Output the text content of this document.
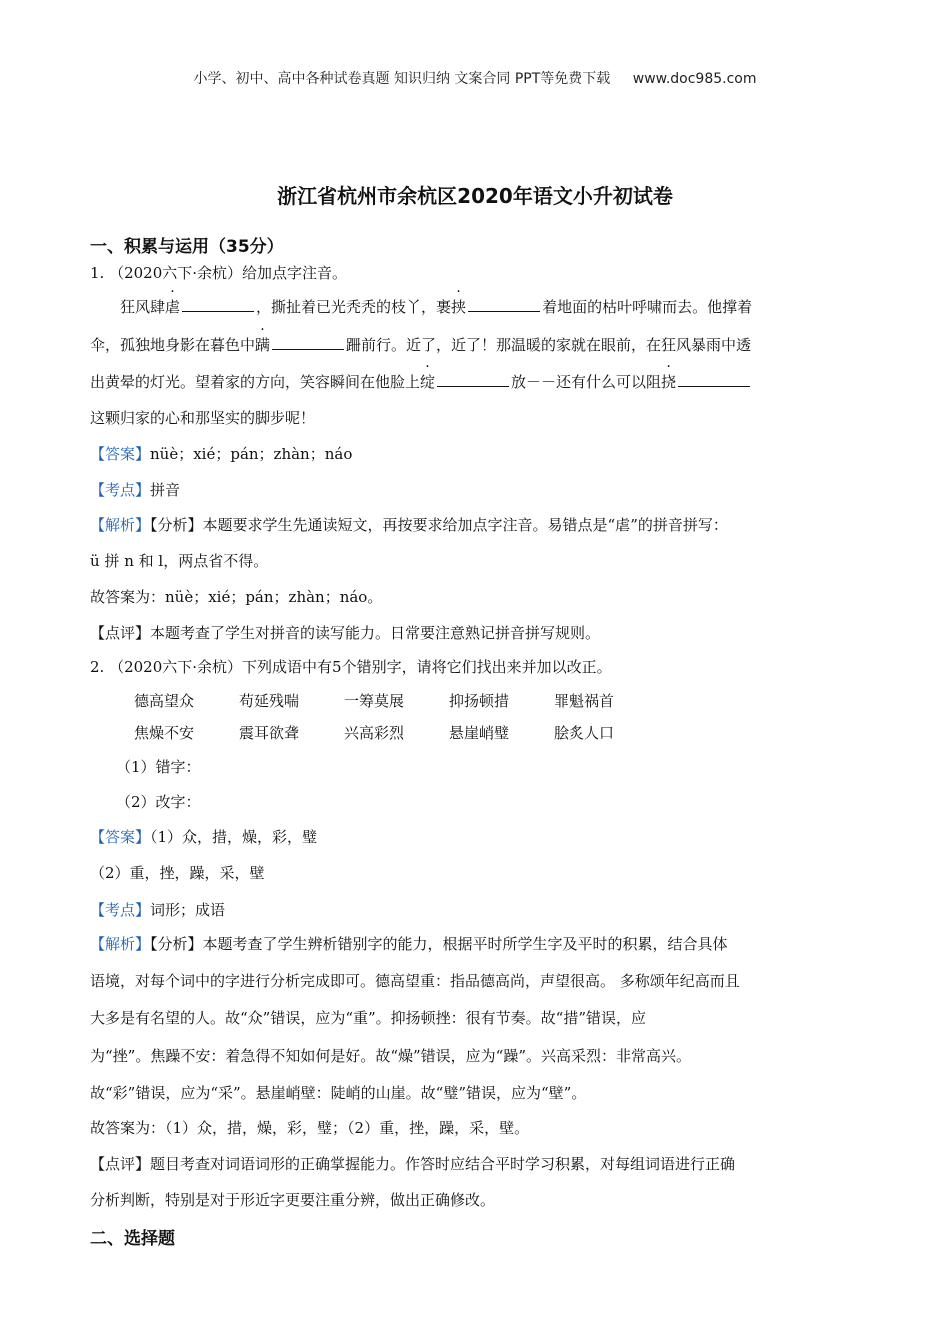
小学、初中、高中各种试卷真题 知识归纳 文案合同 PPT等免费下载 www.doc985.com
浙江省杭州市余杭区2020年语文小升初试卷
一、积累与运用（35分）
1. （2020六下·余杭）给加点字注音。
狂风肆虐	，撕扯着已光秃秃的枝丫，裹挟	着地面的枯叶呼啸而去。他撑着
伞，孤独地身影在暮色中蹒	跚前行。近了，近了！那温暖的家就在眼前，在狂风暴雨中透
出黄晕的灯光。望着家的方向，笑容瞬间在他脸上绽	放－－还有什么可以阻挠
这颗归家的心和那坚实的脚步呢！
【答案】nüè；xié；pán；zhàn；náo
【考点】拼音
【解析】【分析】本题要求学生先通读短文，再按要求给加点字注音。易错点是“虐”的拼音拼写：
ü 拼 n 和 l，两点省不得。
故答案为：nüè；xié；pán；zhàn；náo。
【点评】本题考查了学生对拼音的读写能力。日常要注意熟记拼音拼写规则。
2. （2020六下·余杭）下列成语中有5个错别字，请将它们找出来并加以改正。
德高望众	苟延残喘	一筹莫展	抑扬顿措	罪魁祸首
焦燥不安	震耳欲聋	兴高彩烈	悬崖峭璧	脍炙人口
（1）错字：
（2）改字：
【答案】（1）众，措，燥，彩，璧
（2）重，挫，躁，采，壁
【考点】词形；成语
【解析】【分析】本题考查了学生辨析错别字的能力，根据平时所学生字及平时的积累，结合具体
语境，对每个词中的字进行分析完成即可。德高望重：指品德高尚，声望很高。 多称颂年纪高而且
大多是有名望的人。故“众”错误，应为“重”。抑扬顿挫：很有节奏。故“措”错误，应
为“挫”。焦躁不安：着急得不知如何是好。故“燥”错误，应为“躁”。兴高采烈：非常高兴。
故“彩”错误，应为“采”。悬崖峭壁：陡峭的山崖。故“璧”错误，应为“壁”。
故答案为：（1）众，措，燥，彩，璧；（2）重，挫，躁，采，壁。
【点评】题目考查对词语词形的正确掌握能力。作答时应结合平时学习积累，对每组词语进行正确
分析判断，特别是对于形近字更要注重分辨，做出正确修改。
二、选择题
